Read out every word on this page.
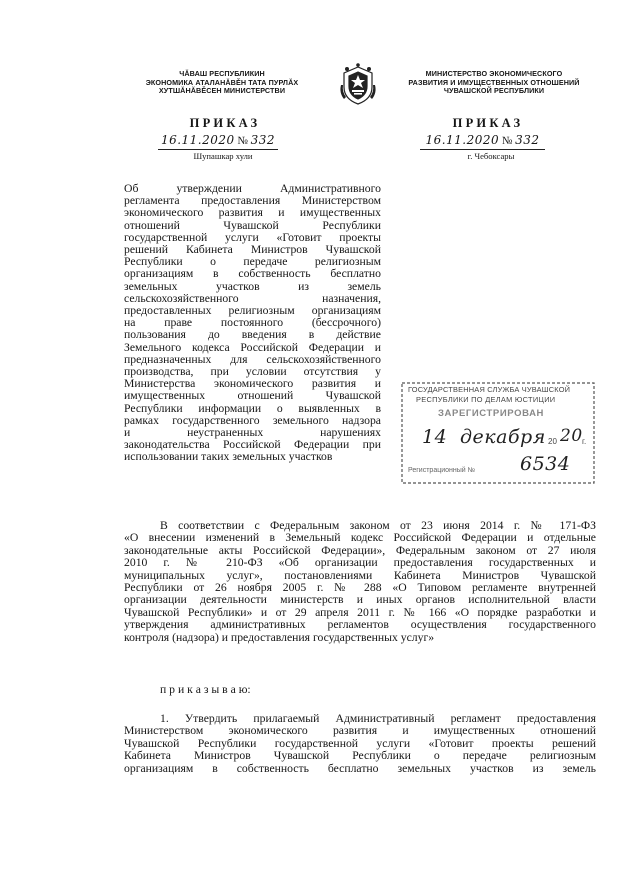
ЧĂВАШ РЕСПУБЛИКИН
ЭКОНОМИКА АТАЛАНĂВĚН ТАТА ПУРЛĂХ
ХУТШĂНĂВĚСЕН МИНИСТЕРСТВИ
МИНИСТЕРСТВО ЭКОНОМИЧЕСКОГО
РАЗВИТИЯ И ИМУЩЕСТВЕННЫХ ОТНОШЕНИЙ
ЧУВАШСКОЙ РЕСПУБЛИКИ
ПРИКАЗ	ПРИКАЗ
16.11.2020 № 332	16.11.2020 № 332
Шупашкар хули	г. Чебоксары
Об утверждении Административного
регламента предоставления Министерством
экономического развития и имущественных
отношений Чувашской Республики
государственной услуги «Готовит проекты
решений Кабинета Министров Чувашской
Республики о передаче религиозным
организациям в собственность бесплатно
земельных участков из земель
сельскохозяйственного назначения,
предоставленных религиозным организациям
на праве постоянного (бессрочного)
пользования до введения в действие
Земельного кодекса Российской Федерации и
предназначенных для сельскохозяйственного
производства, при условии отсутствия у
Министерства экономического развития и
имущественных отношений Чувашской
Республики информации о выявленных в
рамках государственного земельного надзора
и неустраненных нарушениях
законодательства Российской Федерации при
использовании таких земельных участков
ГОСУДАРСТВЕННАЯ СЛУЖБА ЧУВАШСКОЙ
РЕСПУБЛИКИ ПО ДЕЛАМ ЮСТИЦИИ
ЗАРЕГИСТРИРОВАН
14 декабря 20 20 г.
Регистрационный № 6534
В соответствии с Федеральным законом от 23 июня 2014 г. № 171-ФЗ
«О внесении изменений в Земельный кодекс Российской Федерации и отдельные
законодательные акты Российской Федерации», Федеральным законом от 27 июля
2010 г. № 210-ФЗ «Об организации предоставления государственных и
муниципальных услуг», постановлениями Кабинета Министров Чувашской
Республики от 26 ноября 2005 г. № 288 «О Типовом регламенте внутренней
организации деятельности министерств и иных органов исполнительной власти
Чувашской Республики» и от 29 апреля 2011 г. № 166 «О порядке разработки и
утверждения административных регламентов осуществления государственного
контроля (надзора) и предоставления государственных услуг»
п р и к а з ы в а ю:
1. Утвердить прилагаемый Административный регламент предоставления
Министерством экономического развития и имущественных отношений
Чувашской Республики государственной услуги «Готовит проекты решений
Кабинета Министров Чувашской Республики о передаче религиозным
организациям в собственность бесплатно земельных участков из земель
